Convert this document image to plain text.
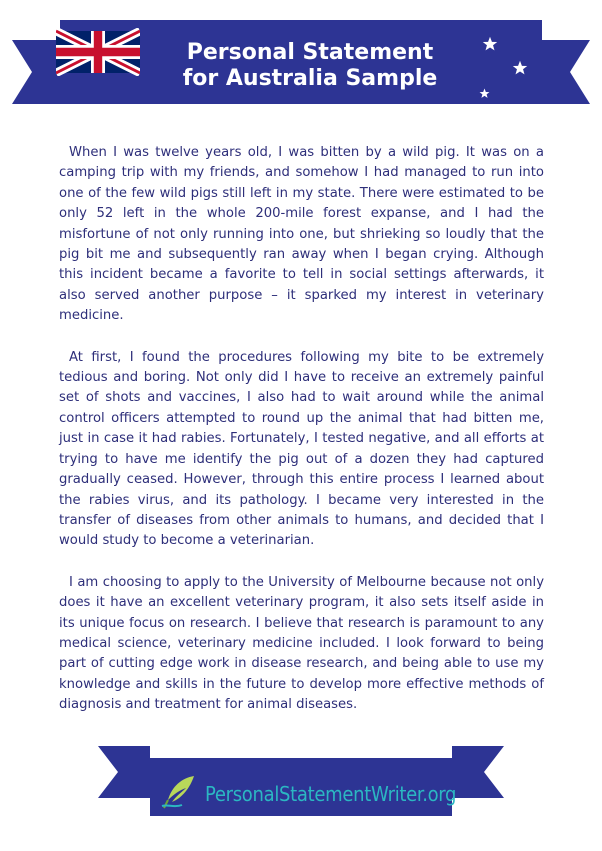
Personal Statement
for Australia Sample

When I was twelve years old, I was bitten by a wild pig. It was on a camping trip with my friends, and somehow I had managed to run into one of the few wild pigs still left in my state. There were estimated to be only 52 left in the whole 200-mile forest expanse, and I had the misfortune of not only running into one, but shrieking so loudly that the pig bit me and subsequently ran away when I began crying. Although this incident became a favorite to tell in social settings afterwards, it also served another purpose – it sparked my interest in veterinary medicine.

At first, I found the procedures following my bite to be extremely tedious and boring. Not only did I have to receive an extremely painful set of shots and vaccines, I also had to wait around while the animal control officers attempted to round up the animal that had bitten me, just in case it had rabies. Fortunately, I tested negative, and all efforts at trying to have me identify the pig out of a dozen they had captured gradually ceased. However, through this entire process I learned about the rabies virus, and its pathology. I became very interested in the transfer of diseases from other animals to humans, and decided that I would study to become a veterinarian.

I am choosing to apply to the University of Melbourne because not only does it have an excellent veterinary program, it also sets itself aside in its unique focus on research. I believe that research is paramount to any medical science, veterinary medicine included. I look forward to being part of cutting edge work in disease research, and being able to use my knowledge and skills in the future to develop more effective methods of diagnosis and treatment for animal diseases.

PersonalStatementWriter.org
